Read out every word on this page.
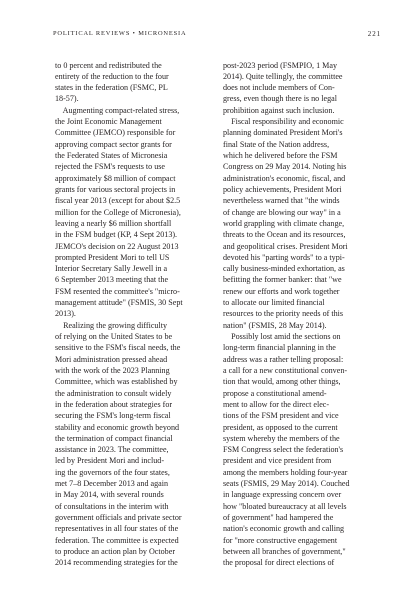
POLITICAL REVIEWS • MICRONESIA	221
to 0 percent and redistributed the
entirety of the reduction to the four
states in the federation (FSMC, PL
18-57).
Augmenting compact-related stress,
the Joint Economic Management
Committee (JEMCO) responsible for
approving compact sector grants for
the Federated States of Micronesia
rejected the FSM's requests to use
approximately $8 million of compact
grants for various sectoral projects in
fiscal year 2013 (except for about $2.5
million for the College of Micronesia),
leaving a nearly $6 million shortfall
in the FSM budget (KP, 4 Sept 2013).
JEMCO's decision on 22 August 2013
prompted President Mori to tell US
Interior Secretary Sally Jewell in a
6 September 2013 meeting that the
FSM resented the committee's "micro-
management attitude" (FSMIS, 30 Sept
2013).
Realizing the growing difficulty
of relying on the United States to be
sensitive to the FSM's fiscal needs, the
Mori administration pressed ahead
with the work of the 2023 Planning
Committee, which was established by
the administration to consult widely
in the federation about strategies for
securing the FSM's long-term fiscal
stability and economic growth beyond
the termination of compact financial
assistance in 2023. The committee,
led by President Mori and includ-
ing the governors of the four states,
met 7–8 December 2013 and again
in May 2014, with several rounds
of consultations in the interim with
government officials and private sector
representatives in all four states of the
federation. The committee is expected
to produce an action plan by October
2014 recommending strategies for the
post-2023 period (FSMPIO, 1 May
2014). Quite tellingly, the committee
does not include members of Con-
gress, even though there is no legal
prohibition against such inclusion.
Fiscal responsibility and economic
planning dominated President Mori's
final State of the Nation address,
which he delivered before the FSM
Congress on 29 May 2014. Noting his
administration's economic, fiscal, and
policy achievements, President Mori
nevertheless warned that "the winds
of change are blowing our way" in a
world grappling with climate change,
threats to the Ocean and its resources,
and geopolitical crises. President Mori
devoted his "parting words" to a typi-
cally business-minded exhortation, as
befitting the former banker: that "we
renew our efforts and work together
to allocate our limited financial
resources to the priority needs of this
nation" (FSMIS, 28 May 2014).
Possibly lost amid the sections on
long-term financial planning in the
address was a rather telling proposal:
a call for a new constitutional conven-
tion that would, among other things,
propose a constitutional amend-
ment to allow for the direct elec-
tions of the FSM president and vice
president, as opposed to the current
system whereby the members of the
FSM Congress select the federation's
president and vice president from
among the members holding four-year
seats (FSMIS, 29 May 2014). Couched
in language expressing concern over
how "bloated bureaucracy at all levels
of government" had hampered the
nation's economic growth and calling
for "more constructive engagement
between all branches of government,"
the proposal for direct elections of
